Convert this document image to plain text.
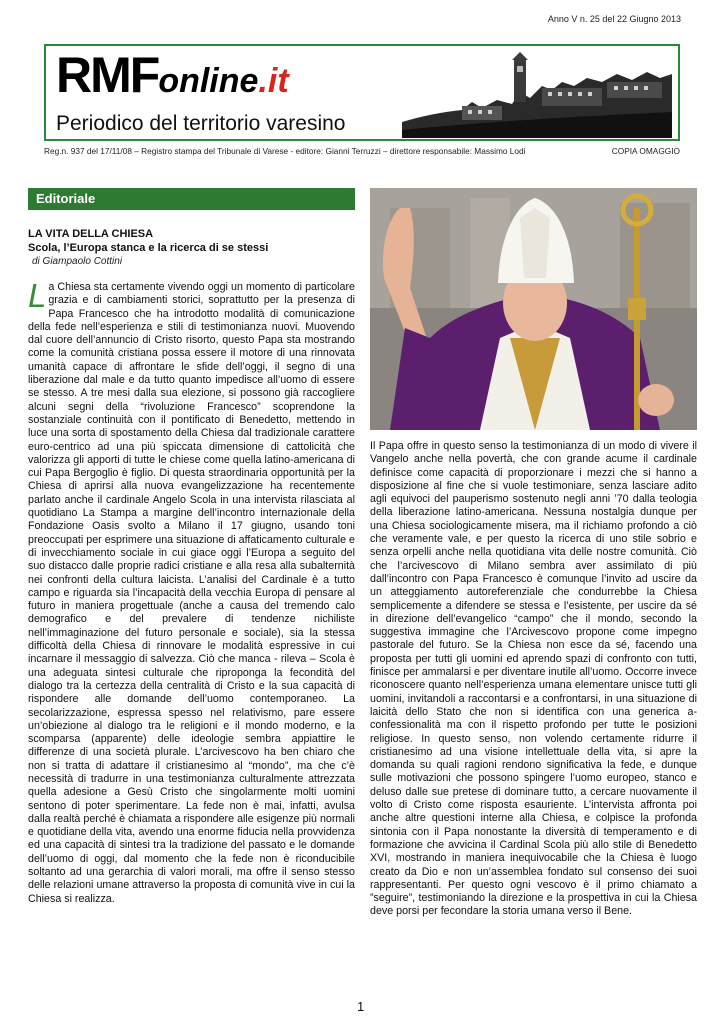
Anno V n. 25 del 22 Giugno 2013
RMFonline.it
Periodico del territorio varesino
Reg.n. 937 del 17/11/08 – Registro stampa del Tribunale di Varese - editore: Gianni Terruzzi – direttore responsabile: Massimo Lodi	COPIA OMAGGIO
Editoriale
LA VITA DELLA CHIESA
Scola, l’Europa stanca e la ricerca di se stessi
di Giampaolo Cottini
La Chiesa sta certamente vivendo oggi un momento di particolare grazia e di cambiamenti storici, soprattutto per la presenza di Papa Francesco che ha introdotto modalità di comunicazione della fede nell’esperienza e stili di testimonianza nuovi. Muovendo dal cuore dell’annuncio di Cristo risorto, questo Papa sta mostrando come la comunità cristiana possa essere il motore di una rinnovata umanità capace di affrontare le sfide dell’oggi, il segno di una liberazione dal male e da tutto quanto impedisce all’uomo di essere se stesso. A tre mesi dalla sua elezione, si possono già raccogliere alcuni segni della “rivoluzione Francesco” scoprendone la sostanziale continuità con il pontificato di Benedetto, mettendo in luce una sorta di spostamento della Chiesa dal tradizionale carattere euro-centrico ad una più spiccata dimensione di cattolicità che valorizza gli apporti di tutte le chiese come quella latino-americana di cui Papa Bergoglio è figlio. Di questa straordinaria opportunità per la Chiesa di aprirsi alla nuova evangelizzazione ha recentemente parlato anche il cardinale Angelo Scola in una intervista rilasciata al quotidiano La Stampa a margine dell’incontro internazionale della Fondazione Oasis svolto a Milano il 17 giugno, usando toni preoccupati per esprimere una situazione di affaticamento culturale e di invecchiamento sociale in cui giace oggi l’Europa a seguito del suo distacco dalle proprie radici cristiane e alla resa alla subalternità nei confronti della cultura laicista. L’analisi del Cardinale è a tutto campo e riguarda sia l’incapacità della vecchia Europa di pensare al futuro in maniera progettuale (anche a causa del tremendo calo demografico e del prevalere di tendenze nichiliste nell’immaginazione del futuro personale e sociale), sia la stessa difficoltà della Chiesa di rinnovare le modalità espressive in cui incarnare il messaggio di salvezza. Ciò che manca - rileva – Scola è una adeguata sintesi culturale che riproponga la fecondità del dialogo tra la certezza della centralità di Cristo e la sua capacità di rispondere alle domande dell’uomo contemporaneo. La secolarizzazione, espressa spesso nel relativismo, pare essere un’obiezione al dialogo tra le religioni e il mondo moderno, e la scomparsa (apparente) delle ideologie sembra appiattire le differenze di una società plurale. L’arcivescovo ha ben chiaro che non si tratta di adattare il cristianesimo al “mondo”, ma che c’è necessità di tradurre in una testimonianza culturalmente attrezzata quella adesione a Gesù Cristo che singolarmente molti uomini sentono di poter sperimentare. La fede non è mai, infatti, avulsa dalla realtà perché è chiamata a rispondere alle esigenze più normali e quotidiane della vita, avendo una enorme fiducia nella provvidenza ed una capacità di sintesi tra la tradizione del passato e le domande dell’uomo di oggi, dal momento che la fede non è riconducibile soltanto ad una gerarchia di valori morali, ma offre il senso stesso delle relazioni umane attraverso la proposta di comunità vive in cui la Chiesa si realizza.
Il Papa offre in questo senso la testimonianza di un modo di vivere il Vangelo anche nella povertà, che con grande acume il cardinale definisce come capacità di proporzionare i mezzi che si hanno a disposizione al fine che si vuole testimoniare, senza lasciare adito agli equivoci del pauperismo sostenuto negli anni ’70 dalla teologia della liberazione latino-americana. Nessuna nostalgia dunque per una Chiesa sociologicamente misera, ma il richiamo profondo a ciò che veramente vale, e per questo la ricerca di uno stile sobrio e senza orpelli anche nella quotidiana vita delle nostre comunità. Ciò che l’arcivescovo di Milano sembra aver assimilato di più dall’incontro con Papa Francesco è comunque l’invito ad uscire da un atteggiamento autoreferenziale che condurrebbe la Chiesa semplicemente a difendere se stessa e l’esistente, per uscire da sé in direzione dell’evangelico “campo” che il mondo, secondo la suggestiva immagine che l’Arcivescovo propone come impegno pastorale del futuro. Se la Chiesa non esce da sé, facendo una proposta per tutti gli uomini ed aprendo spazi di confronto con tutti, finisce per ammalarsi e per diventare inutile all’uomo. Occorre invece riconoscere quanto nell’esperienza umana elementare unisce tutti gli uomini, invitandoli a raccontarsi e a confrontarsi, in una situazione di laicità dello Stato che non si identifica con una generica a-confessionalità ma con il rispetto profondo per tutte le posizioni religiose. In questo senso, non volendo certamente ridurre il cristianesimo ad una visione intellettuale della vita, si apre la domanda su quali ragioni rendono significativa la fede, e dunque sulle motivazioni che possono spingere l’uomo europeo, stanco e deluso dalle sue pretese di dominare tutto, a cercare nuovamente il volto di Cristo come risposta esauriente. L’intervista affronta poi anche altre questioni interne alla Chiesa, e colpisce la profonda sintonia con il Papa nonostante la diversità di temperamento e di formazione che avvicina il Cardinal Scola più allo stile di Benedetto XVI, mostrando in maniera inequivocabile che la Chiesa è luogo creato da Dio e non un’assemblea fondato sul consenso dei suoi rappresentanti. Per questo ogni vescovo è il primo chiamato a ”seguire”, testimoniando la direzione e la prospettiva in cui la Chiesa deve porsi per fecondare la storia umana verso il Bene.
1
